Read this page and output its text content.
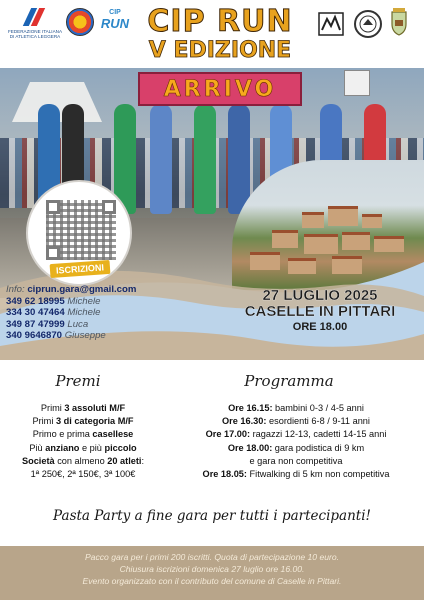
FEDERAZIONE ITALIANA
DI ATLETICA LEGGERA
CIP
RUN CIP RUN
V EDIZIONE
ARRIVO
ISCRIZIONI
Info: ciprun.gara@gmail.com
349 62 18995 Michele
334 30 47464 Michele
349 87 47999 Luca
340 9646870 Giuseppe
27 LUGLIO 2025
CASELLE IN PITTARI
ORE 18.00
Premi	Programma
Primi 3 assoluti M/F
Primi 3 di categoria M/F
Primo e prima casellese
Più anziano e più piccolo
Società con almeno 20 atleti:
1ª 250€, 2ª 150€, 3ª 100€
Ore 16.15: bambini 0-3 / 4-5 anni
Ore 16.30: esordienti 6-8 / 9-11 anni
Ore 17.00: ragazzi 12-13, cadetti 14-15 anni
Ore 18.00: gara podistica di 9 km
e gara non competitiva
Ore 18.05: Fitwalking di 5 km non competitiva
Pasta Party a fine gara per tutti i partecipanti!
Pacco gara per i primi 200 iscritti. Quota di partecipazione 10 euro.
Chiusura iscrizioni domenica 27 luglio ore 16.00.
Evento organizzato con il contributo del comune di Caselle in Pittari.
